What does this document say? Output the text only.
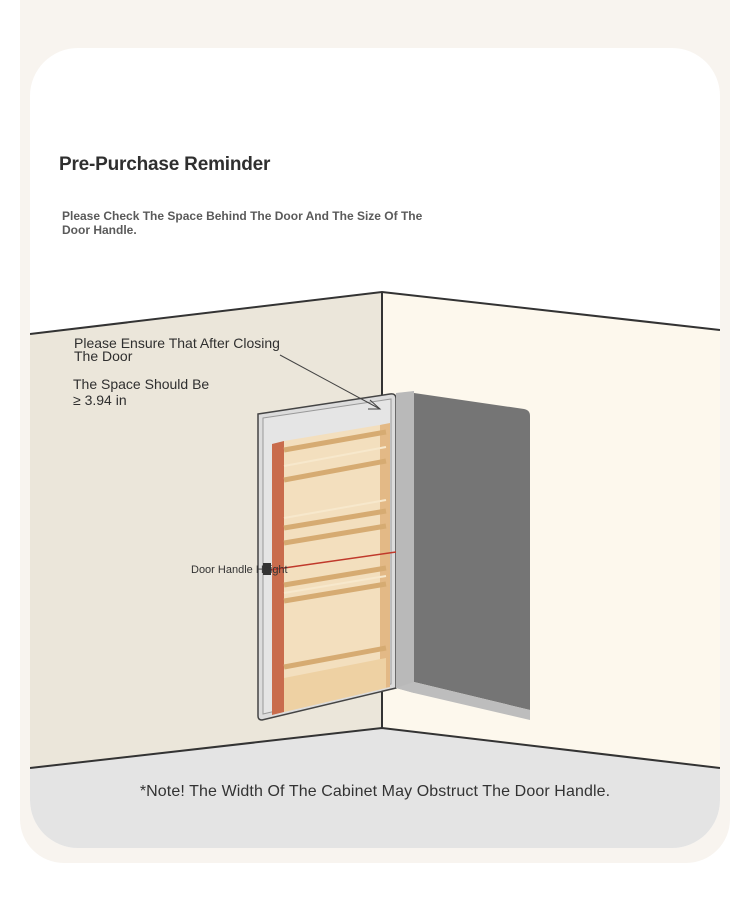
Pre-Purchase Reminder
Please Check The Space Behind The Door And The Size Of The Door Handle.
Please Ensure That After Closing The Door
The Space Should Be
≥ 3.94 in
Door Handle Height
*Note! The Width Of The Cabinet May Obstruct The Door Handle.
